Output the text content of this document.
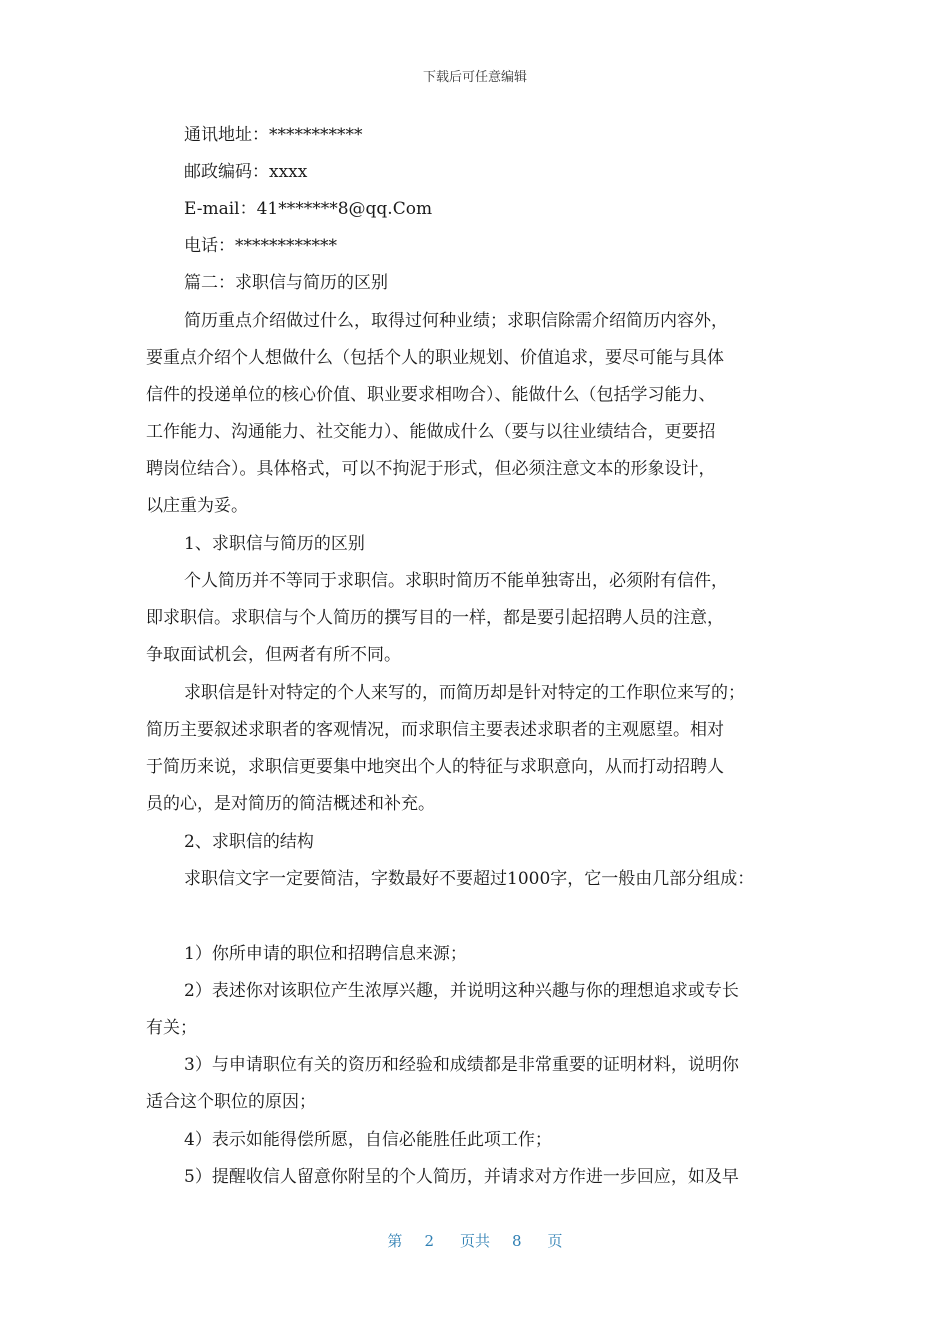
下载后可任意编辑
通讯地址：***********
邮政编码：xxxx
E-mail：41*******8@qq.Com
电话：************
篇二：求职信与简历的区别
简历重点介绍做过什么，取得过何种业绩；求职信除需介绍简历内容外，
要重点介绍个人想做什么（包括个人的职业规划、价值追求，要尽可能与具体
信件的投递单位的核心价值、职业要求相吻合）、能做什么（包括学习能力、
工作能力、沟通能力、社交能力）、能做成什么（要与以往业绩结合，更要招
聘岗位结合）。具体格式，可以不拘泥于形式，但必须注意文本的形象设计，
以庄重为妥。
1、求职信与简历的区别
个人简历并不等同于求职信。求职时简历不能单独寄出，必须附有信件，
即求职信。求职信与个人简历的撰写目的一样，都是要引起招聘人员的注意，
争取面试机会，但两者有所不同。
求职信是针对特定的个人来写的，而简历却是针对特定的工作职位来写的；
简历主要叙述求职者的客观情况，而求职信主要表述求职者的主观愿望。相对
于简历来说，求职信更要集中地突出个人的特征与求职意向，从而打动招聘人
员的心，是对简历的简洁概述和补充。
2、求职信的结构
求职信文字一定要简洁，字数最好不要超过1000字，它一般由几部分组成：
1）你所申请的职位和招聘信息来源；
2）表述你对该职位产生浓厚兴趣，并说明这种兴趣与你的理想追求或专长
有关；
3）与申请职位有关的资历和经验和成绩都是非常重要的证明材料，说明你
适合这个职位的原因；
4）表示如能得偿所愿，自信必能胜任此项工作；
5）提醒收信人留意你附呈的个人简历，并请求对方作进一步回应，如及早
第 2 页共 8 页
